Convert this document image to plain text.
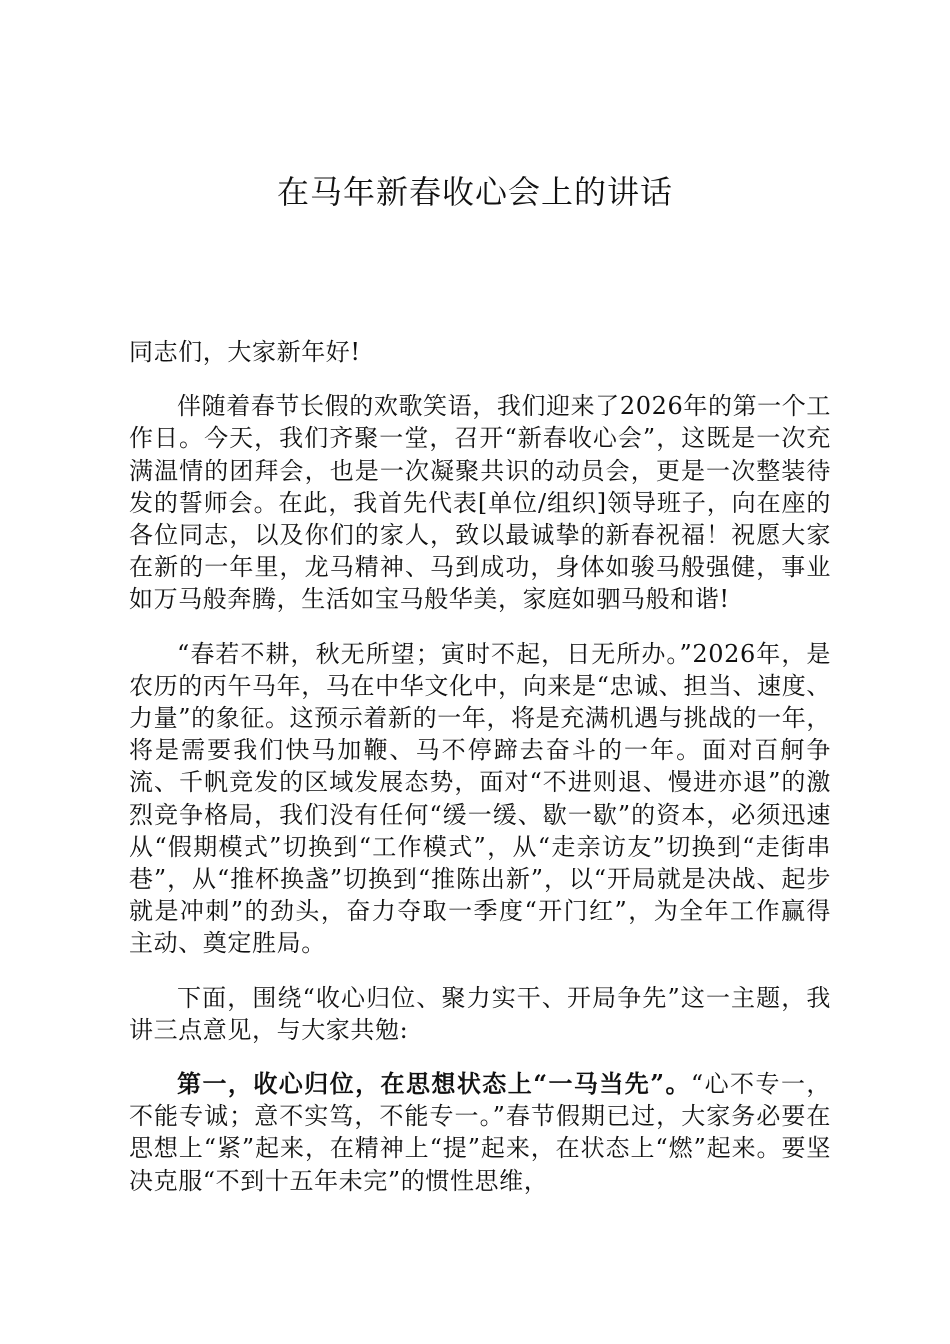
在马年新春收心会上的讲话

同志们，大家新年好!

伴随着春节长假的欢歌笑语，我们迎来了2026年的第一个工作日。今天，我们齐聚一堂，召开“新春收心会”，这既是一次充满温情的团拜会，也是一次凝聚共识的动员会，更是一次整装待发的誓师会。在此，我首先代表[单位/组织]领导班子，向在座的各位同志，以及你们的家人，致以最诚挚的新春祝福！祝愿大家在新的一年里，龙马精神、马到成功，身体如骏马般强健，事业如万马般奔腾，生活如宝马般华美，家庭如驷马般和谐!

“春若不耕，秋无所望；寅时不起，日无所办。”2026年，是农历的丙午马年，马在中华文化中，向来是“忠诚、担当、速度、力量”的象征。这预示着新的一年，将是充满机遇与挑战的一年，将是需要我们快马加鞭、马不停蹄去奋斗的一年。面对百舸争流、千帆竞发的区域发展态势，面对“不进则退、慢进亦退”的激烈竞争格局，我们没有任何“缓一缓、歇一歇”的资本，必须迅速从“假期模式”切换到“工作模式”，从“走亲访友”切换到“走街串巷”，从“推杯换盏”切换到“推陈出新”，以“开局就是决战、起步就是冲刺”的劲头，奋力夺取一季度“开门红”，为全年工作赢得主动、奠定胜局。

下面，围绕“收心归位、聚力实干、开局争先”这一主题，我讲三点意见，与大家共勉:

第一，收心归位，在思想状态上“一马当先”。“心不专一，不能专诚；意不实笃，不能专一。”春节假期已过，大家务必要在思想上“紧”起来，在精神上“提”起来，在状态上“燃”起来。要坚决克服“不到十五年未完”的惯性思维，
